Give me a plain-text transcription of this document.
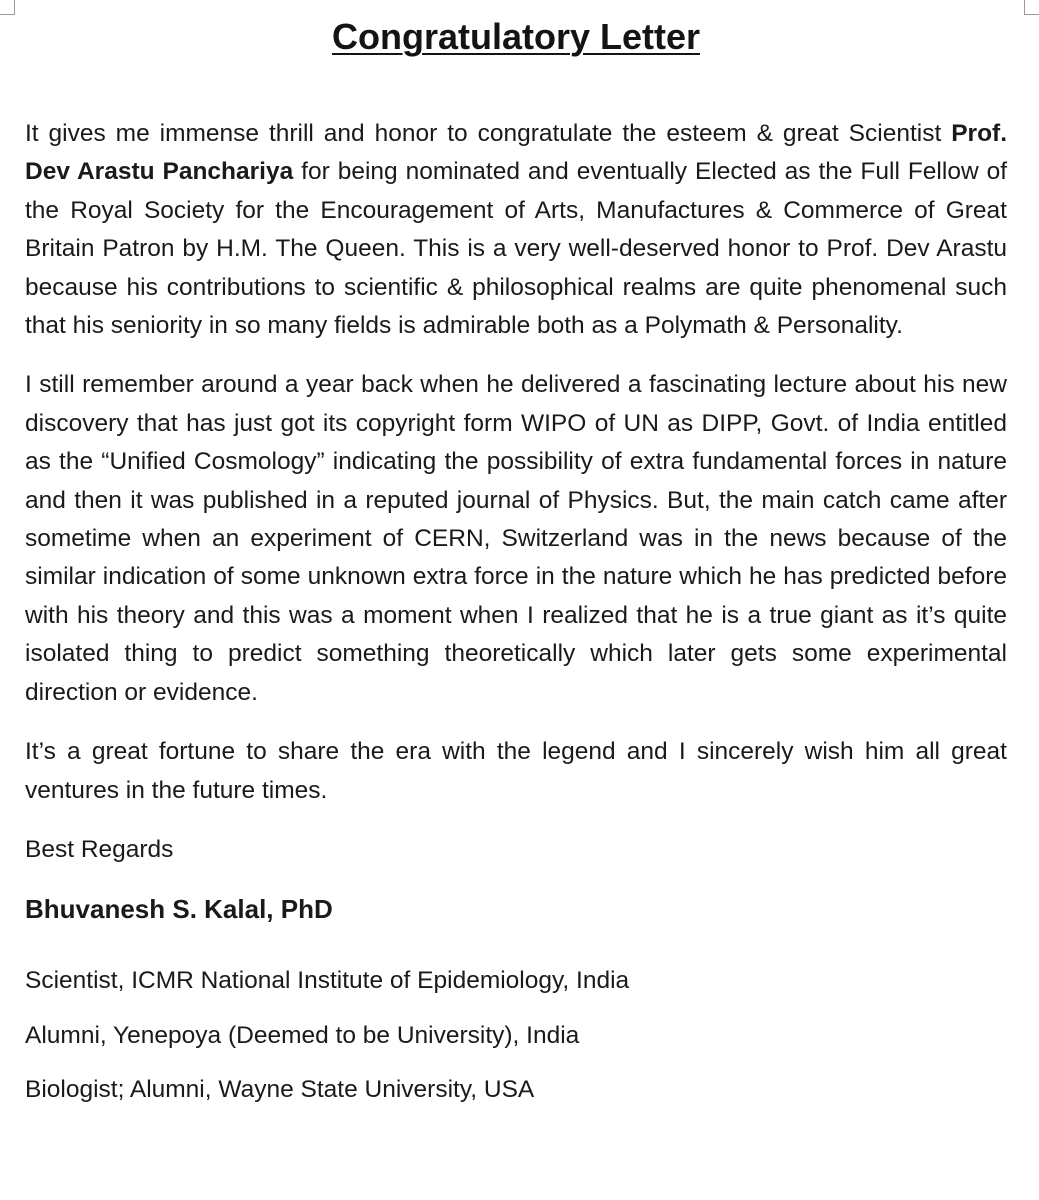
Congratulatory Letter

It gives me immense thrill and honor to congratulate the esteem & great Scientist Prof. Dev Arastu Panchariya for being nominated and eventually Elected as the Full Fellow of the Royal Society for the Encouragement of Arts, Manufactures & Commerce of Great Britain Patron by H.M. The Queen. This is a very well-deserved honor to Prof. Dev Arastu because his contributions to scientific & philosophical realms are quite phenomenal such that his seniority in so many fields is admirable both as a Polymath & Personality.

I still remember around a year back when he delivered a fascinating lecture about his new discovery that has just got its copyright form WIPO of UN as DIPP, Govt. of India entitled as the “Unified Cosmology” indicating the possibility of extra fundamental forces in nature and then it was published in a reputed journal of Physics. But, the main catch came after sometime when an experiment of CERN, Switzerland was in the news because of the similar indication of some unknown extra force in the nature which he has predicted before with his theory and this was a moment when I realized that he is a true giant as it’s quite isolated thing to predict something theoretically which later gets some experimental direction or evidence.

It’s a great fortune to share the era with the legend and I sincerely wish him all great ventures in the future times.

Best Regards

Bhuvanesh S. Kalal, PhD
Scientist, ICMR National Institute of Epidemiology, India
Alumni, Yenepoya (Deemed to be University), India
Biologist; Alumni, Wayne State University, USA
